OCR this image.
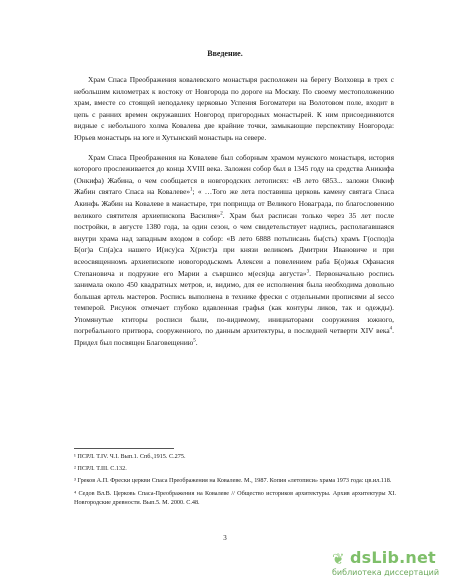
Введение.

Храм Спаса Преображения ковалевского монастыря расположен на берегу Волховца в трех с небольшим километрах к востоку от Новгорода по дороге на Москву. По своему местоположению храм, вместе со стоящей неподалеку церковью Успения Богоматери на Волотовом поле, входит в цепь с ранних времен окружавших Новгород пригородных монастырей. К ним присоединяются видные с небольшого холма Ковалева две крайние точки, замыкающие перспективу Новгорода: Юрьев монастырь на юге и Хутынский монастырь на севере.

Храм Спаса Преображения на Ковалеве был соборным храмом мужского монастыря, история которого прослеживается до конца XVIII века. Заложен собор был в 1345 году на средства Аникифа (Онкифа) Жабина, о чем сообщается в новгородских летописях: «В лето 6853... заложи Онкиф Жабин святаго Спаса на Ковалеве»$^1$; « …Того же лета поставиша церковь камену святага Спаса Акинфь Жабин на Ковалеве в манастыре, три попришда от Великого Новаграда, по благословению великого святителя архиепископа Василия»$^2$. Храм был расписан только через 35 лет после постройки, в августе 1380 года, за один сезон, о чем свидетельствует надпись, располагавшаяся внутри храма над западным входом в собор: «В лето 6888 потьписань бы(сть) храмъ Г(оспод)а Б(ог)а Сп(а)са нашего И(ису)са Х(рист)а при князи великомъ Дмитрии Ивановиче и при всеосвященномъ архиепископе новогородьскомъ Алексеи а повелением раба Б(о)жья Офанасия Степановича и подружие его Марии а съвршисо м(еся)ца августа»$^3$. Первоначально роспись занимала около 450 квадратных метров, и, видимо, для ее исполнения была необходима довольно большая артель мастеров. Роспись выполнена в технике фрески с отдельными прописями al secco темперой. Рисунок отмечает глубоко вдавленная графья (как контуры ликов, так и одежды). Упомянутые ктиторы росписи были, по-видимому, инициаторами сооружения южного, погребального притвора, сооруженного, по данным архитектуры, в последней четверти XIV века$^4$. Придел был посвящен Благовещению$^5$.

¹ ПСРЛ. Т.IV. Ч.I. Вып.1. Спб.,1915. С.275.

² ПСРЛ. Т.III. С.132.

³ Греков А.П. Фрески церкви Спаса Преображения на Ковалеве. М., 1987. Копия «летописи» храма 1973 года: цв.ил.118.

⁴ Седов Вл.В. Церковь Спаса-Преображения на Ковалеве // Общество историков архитектуры. Архив архитектуры XI. Новгородские древности. Вып.5. М. 2000. С.48.

3
❦ dsLib.net
библиотека диссертаций
